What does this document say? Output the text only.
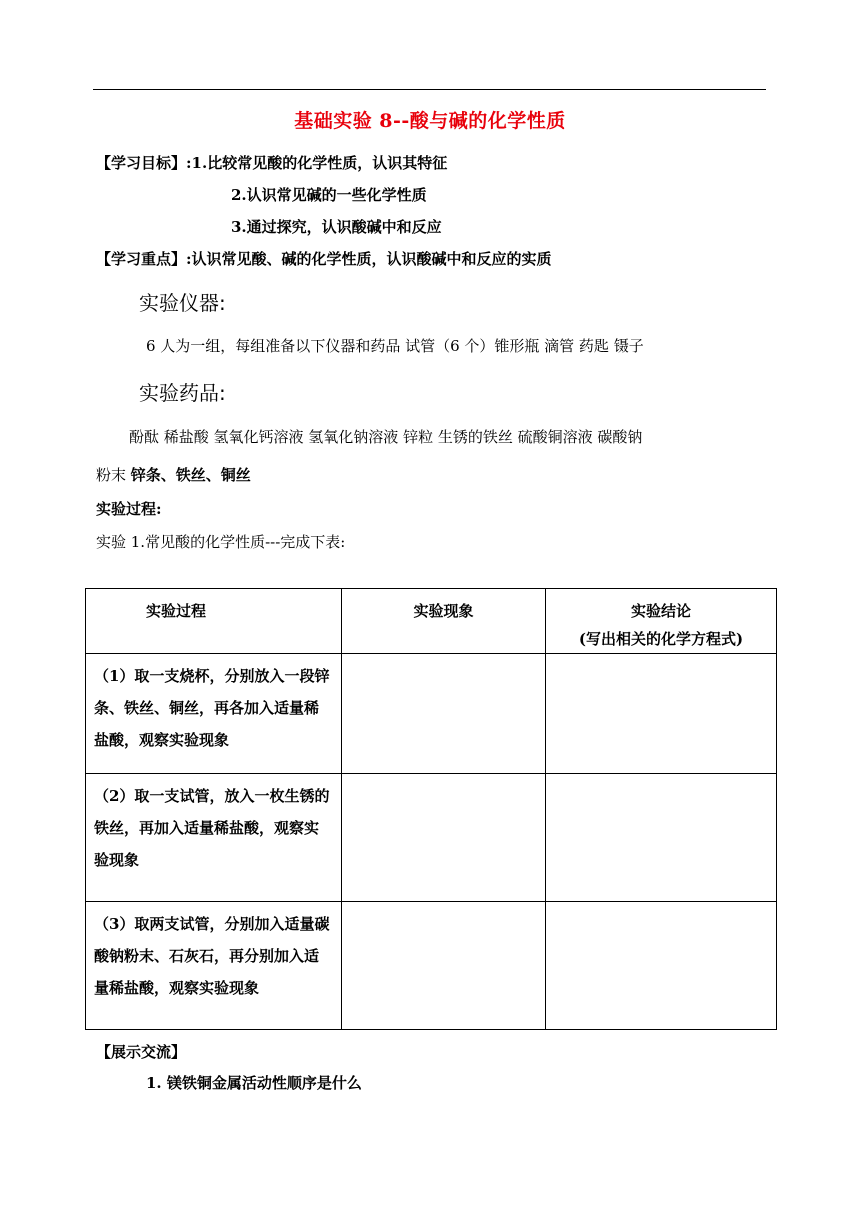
基础实验 8--酸与碱的化学性质
【学习目标】:1.比较常见酸的化学性质，认识其特征
2.认识常见碱的一些化学性质
3.通过探究，认识酸碱中和反应
【学习重点】:认识常见酸、碱的化学性质，认识酸碱中和反应的实质
实验仪器:
6 人为一组，每组准备以下仪器和药品 试管（6 个）锥形瓶 滴管 药匙 镊子
实验药品:
酚酞 稀盐酸 氢氧化钙溶液 氢氧化钠溶液 锌粒 生锈的铁丝 硫酸铜溶液 碳酸钠
粉末 锌条、铁丝、铜丝
实验过程:
实验 1.常见酸的化学性质---完成下表:
实验过程	实验现象	实验结论
(写出相关的化学方程式)

（1）取一支烧杯，分别放入一段锌条、铁丝、铜丝，再各加入适量稀盐酸，观察实验现象		
（2）取一支试管，放入一枚生锈的铁丝，再加入适量稀盐酸，观察实验现象		
（3）取两支试管，分别加入适量碳酸钠粉末、石灰石，再分别加入适量稀盐酸，观察实验现象		
【展示交流】
1. 镁铁铜金属活动性顺序是什么
